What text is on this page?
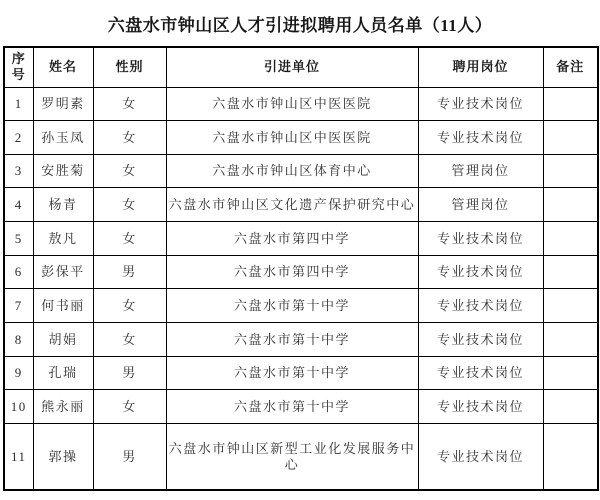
六盘水市钟山区人才引进拟聘用人员名单（11人）
序号	姓名	性别	引进单位	聘用岗位	备注
1	罗明素	女	六盘水市钟山区中医医院	专业技术岗位	
2	孙玉凤	女	六盘水市钟山区中医医院	专业技术岗位	
3	安胜菊	女	六盘水市钟山区体育中心	管理岗位	
4	杨青	女	六盘水市钟山区文化遗产保护研究中心	管理岗位	
5	敖凡	女	六盘水市第四中学	专业技术岗位	
6	彭保平	男	六盘水市第四中学	专业技术岗位	
7	何书丽	女	六盘水市第十中学	专业技术岗位	
8	胡娟	女	六盘水市第十中学	专业技术岗位	
9	孔瑞	男	六盘水市第十中学	专业技术岗位	
10	熊永丽	女	六盘水市第十中学	专业技术岗位	
11	郭操	男	六盘水市钟山区新型工业化发展服务中心	专业技术岗位	
